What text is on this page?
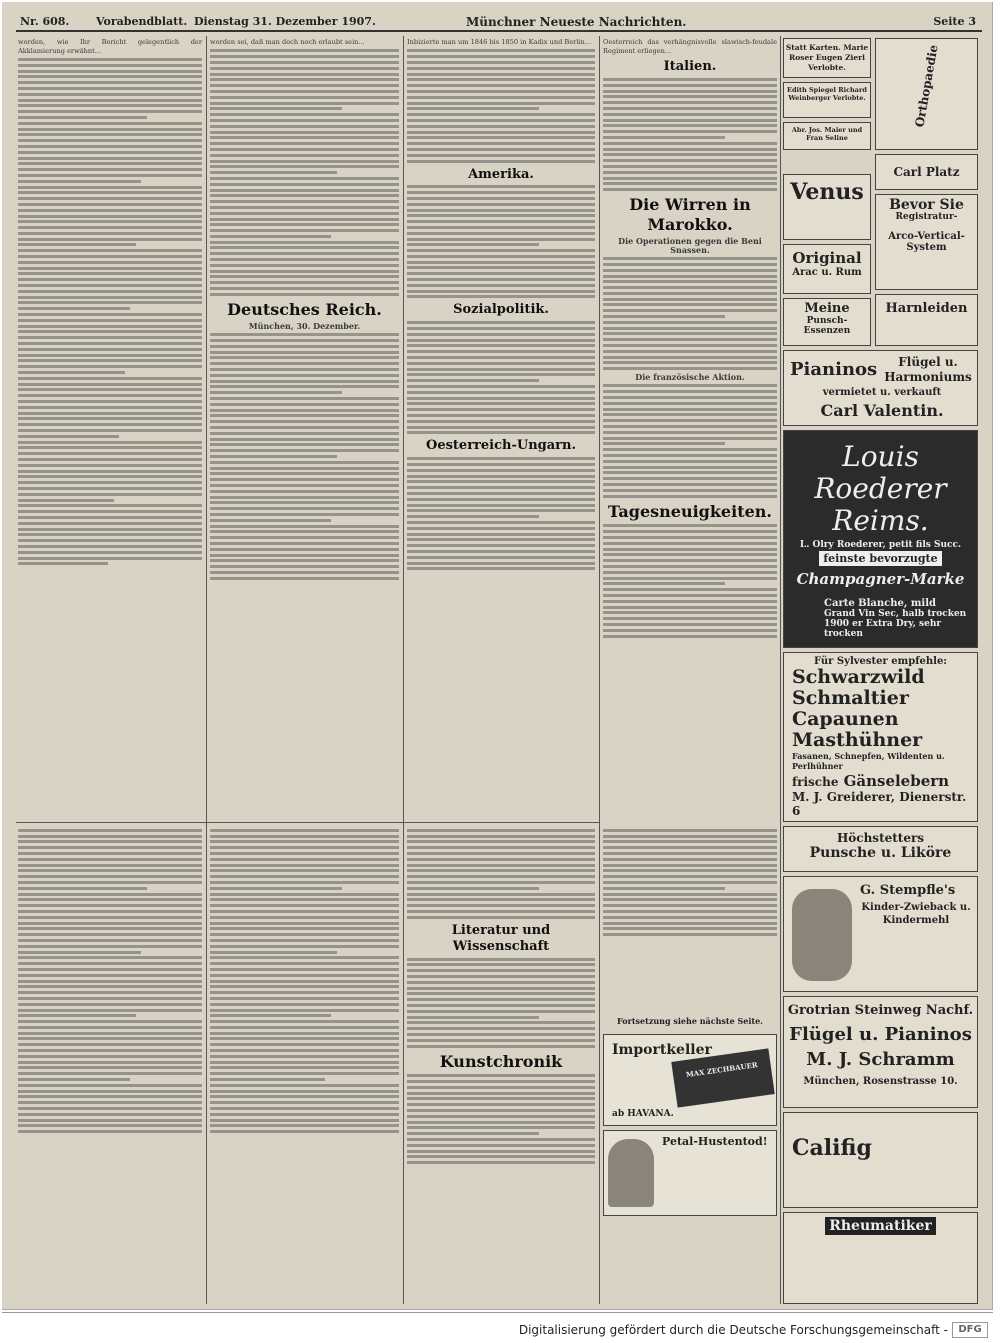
Nr. 608. Vorabendblatt. Dienstag 31. Dezember 1907.	Münchner Neueste Nachrichten.	Seite 3

worden, wie Ihr Bericht gelegentlich der Akklamierung erwähnt...

worden sei, daß man doch noch erlaubt sein...

Deutsches Reich.
München, 30. Dezember.

Inbizierte man um 1846 bis 1850 in Kadix und Berlin...

Amerika.

Sozialpolitik.

Oesterreich-Ungarn.

Oesterreich das verhängnisvolle slawisch-feudale Regiment erliegen...

Italien.

Die Wirren in Marokko.
Die Operationen gegen die Beni Snassen.

Die französische Aktion.

Tagesneuigkeiten.

Literatur und Wissenschaft

Kunstchronik

Fortsetzung siehe nächste Seite.
Importkeller
MAX ZECHBAUER
ab HAVANA.
Petal-Hustentod!
Statt Karten. Marie Roser Eugen Zierl Verlobte.	Orthopaedie
Edith Spiegel Richard Weinberger Verlobte.
Abr. Jos. Maier und Fran Seline
Carl Platz
Venus	Bevor Sie
Registratur-
Arco-Vertical-System
Original
Arac u. Rum
Meine
Punsch-Essenzen
Harnleiden
Pianinos	Flügel u. Harmoniums
vermietet u. verkauft
Carl Valentin.
Louis Roederer
Reims.
L. Olry Roederer, petit fils Succ.
feinste bevorzugte
Champagner-Marke
Carte Blanche, mild
Grand Vin Sec, halb trocken
1900 er Extra Dry, sehr trocken
Für Sylvester empfehle:
Schwarzwild
Schmaltier
Capaunen
Masthühner
Fasanen, Schnepfen, Wildenten u. Perlhühner
frische Gänselebern
M. J. Greiderer, Dienerstr. 6
Höchstetters
Punsche u. Liköre
G. Stempfle's
Kinder-Zwieback u. Kindermehl
Grotrian Steinweg Nachf.
Flügel u. Pianinos
M. J. Schramm
München, Rosenstrasse 10.
Califig
Rheumatiker
Digitalisierung gefördert durch die Deutsche Forschungsgemeinschaft -	DFG
